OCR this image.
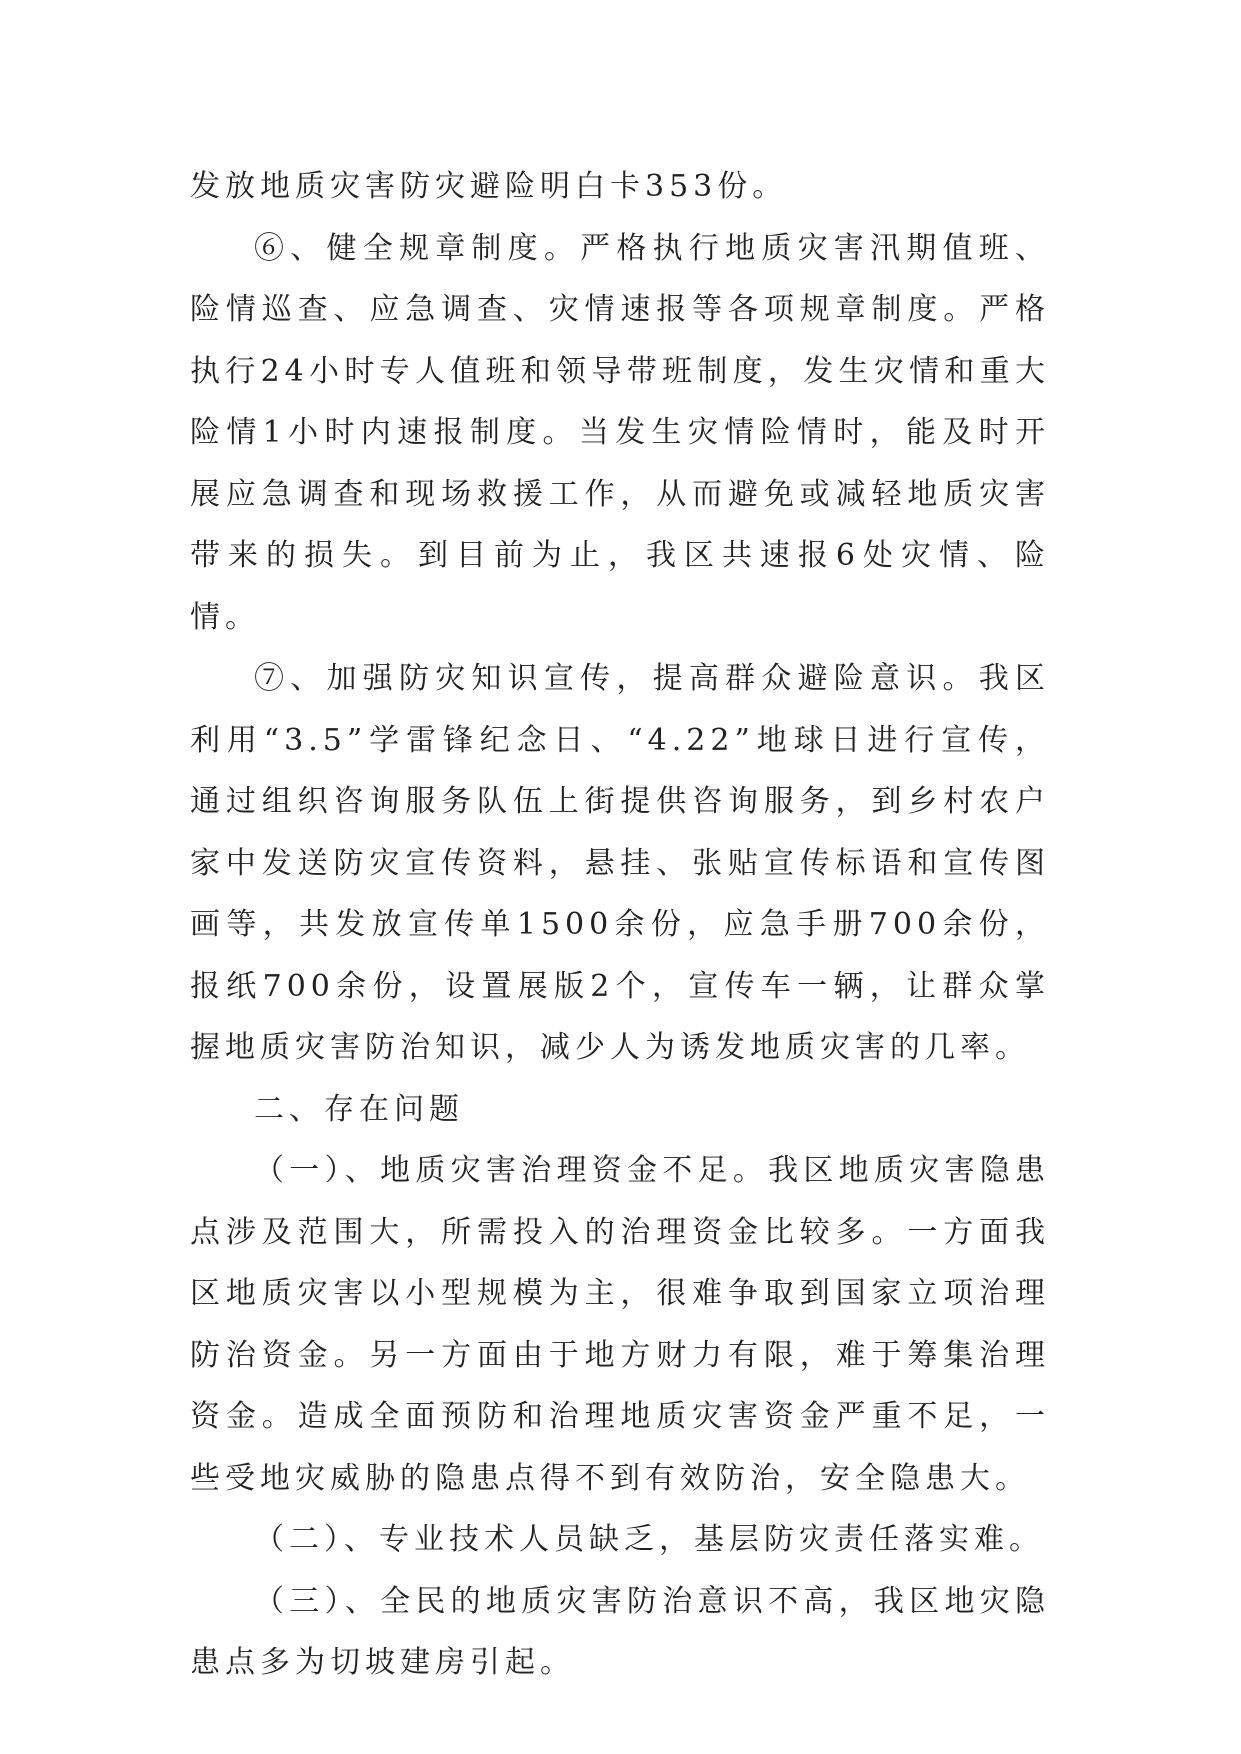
发放地质灾害防灾避险明白卡353份。

⑥、健全规章制度。严格执行地质灾害汛期值班、险情巡查、应急调查、灾情速报等各项规章制度。严格执行24小时专人值班和领导带班制度，发生灾情和重大险情1小时内速报制度。当发生灾情险情时，能及时开展应急调查和现场救援工作，从而避免或减轻地质灾害带来的损失。到目前为止，我区共速报6处灾情、险情。

⑦、加强防灾知识宣传，提高群众避险意识。我区利用“3.5”学雷锋纪念日、“4.22”地球日进行宣传，通过组织咨询服务队伍上街提供咨询服务，到乡村农户家中发送防灾宣传资料，悬挂、张贴宣传标语和宣传图画等，共发放宣传单1500余份，应急手册700余份，报纸700余份，设置展版2个，宣传车一辆，让群众掌握地质灾害防治知识，减少人为诱发地质灾害的几率。

二、存在问题

（一）、地质灾害治理资金不足。我区地质灾害隐患点涉及范围大，所需投入的治理资金比较多。一方面我区地质灾害以小型规模为主，很难争取到国家立项治理防治资金。另一方面由于地方财力有限，难于筹集治理资金。造成全面预防和治理地质灾害资金严重不足，一些受地灾威胁的隐患点得不到有效防治，安全隐患大。

（二）、专业技术人员缺乏，基层防灾责任落实难。

（三）、全民的地质灾害防治意识不高，我区地灾隐患点多为切坡建房引起。
